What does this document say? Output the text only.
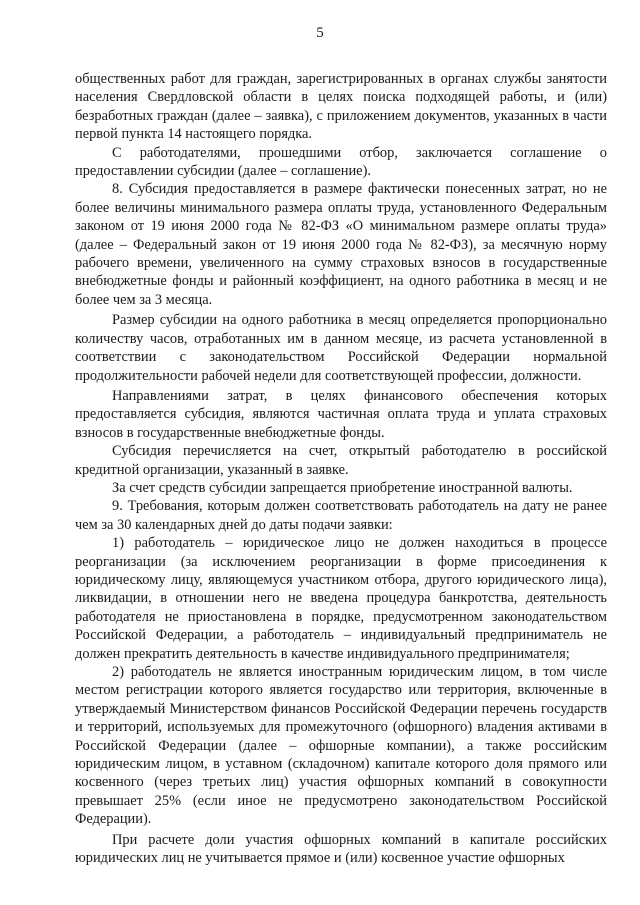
5

общественных работ для граждан, зарегистрированных в органах службы занятости населения Свердловской области в целях поиска подходящей работы, и (или) безработных граждан (далее – заявка), с приложением документов, указанных в части первой пункта 14 настоящего порядка.

С работодателями, прошедшими отбор, заключается соглашение о предоставлении субсидии (далее – соглашение).

8. Субсидия предоставляется в размере фактически понесенных затрат, но не более величины минимального размера оплаты труда, установленного Федеральным законом от 19 июня 2000 года № 82-ФЗ «О минимальном размере оплаты труда» (далее – Федеральный закон от 19 июня 2000 года № 82-ФЗ), за месячную норму рабочего времени, увеличенного на сумму страховых взносов в государственные внебюджетные фонды и районный коэффициент, на одного работника в месяц и не более чем за 3 месяца.

Размер субсидии на одного работника в месяц определяется пропорционально количеству часов, отработанных им в данном месяце, из расчета установленной в соответствии с законодательством Российской Федерации нормальной продолжительности рабочей недели для соответствующей профессии, должности.

Направлениями затрат, в целях финансового обеспечения которых предоставляется субсидия, являются частичная оплата труда и уплата страховых взносов в государственные внебюджетные фонды.

Субсидия перечисляется на счет, открытый работодателю в российской кредитной организации, указанный в заявке.

За счет средств субсидии запрещается приобретение иностранной валюты.

9. Требования, которым должен соответствовать работодатель на дату не ранее чем за 30 календарных дней до даты подачи заявки:

1) работодатель – юридическое лицо не должен находиться в процессе реорганизации (за исключением реорганизации в форме присоединения к юридическому лицу, являющемуся участником отбора, другого юридического лица), ликвидации, в отношении него не введена процедура банкротства, деятельность работодателя не приостановлена в порядке, предусмотренном законодательством Российской Федерации, а работодатель – индивидуальный предприниматель не должен прекратить деятельность в качестве индивидуального предпринимателя;

2) работодатель не является иностранным юридическим лицом, в том числе местом регистрации которого является государство или территория, включенные в утверждаемый Министерством финансов Российской Федерации перечень государств и территорий, используемых для промежуточного (офшорного) владения активами в Российской Федерации (далее – офшорные компании), а также российским юридическим лицом, в уставном (складочном) капитале которого доля прямого или косвенного (через третьих лиц) участия офшорных компаний в совокупности превышает 25% (если иное не предусмотрено законодательством Российской Федерации).

При расчете доли участия офшорных компаний в капитале российских юридических лиц не учитывается прямое и (или) косвенное участие офшорных
